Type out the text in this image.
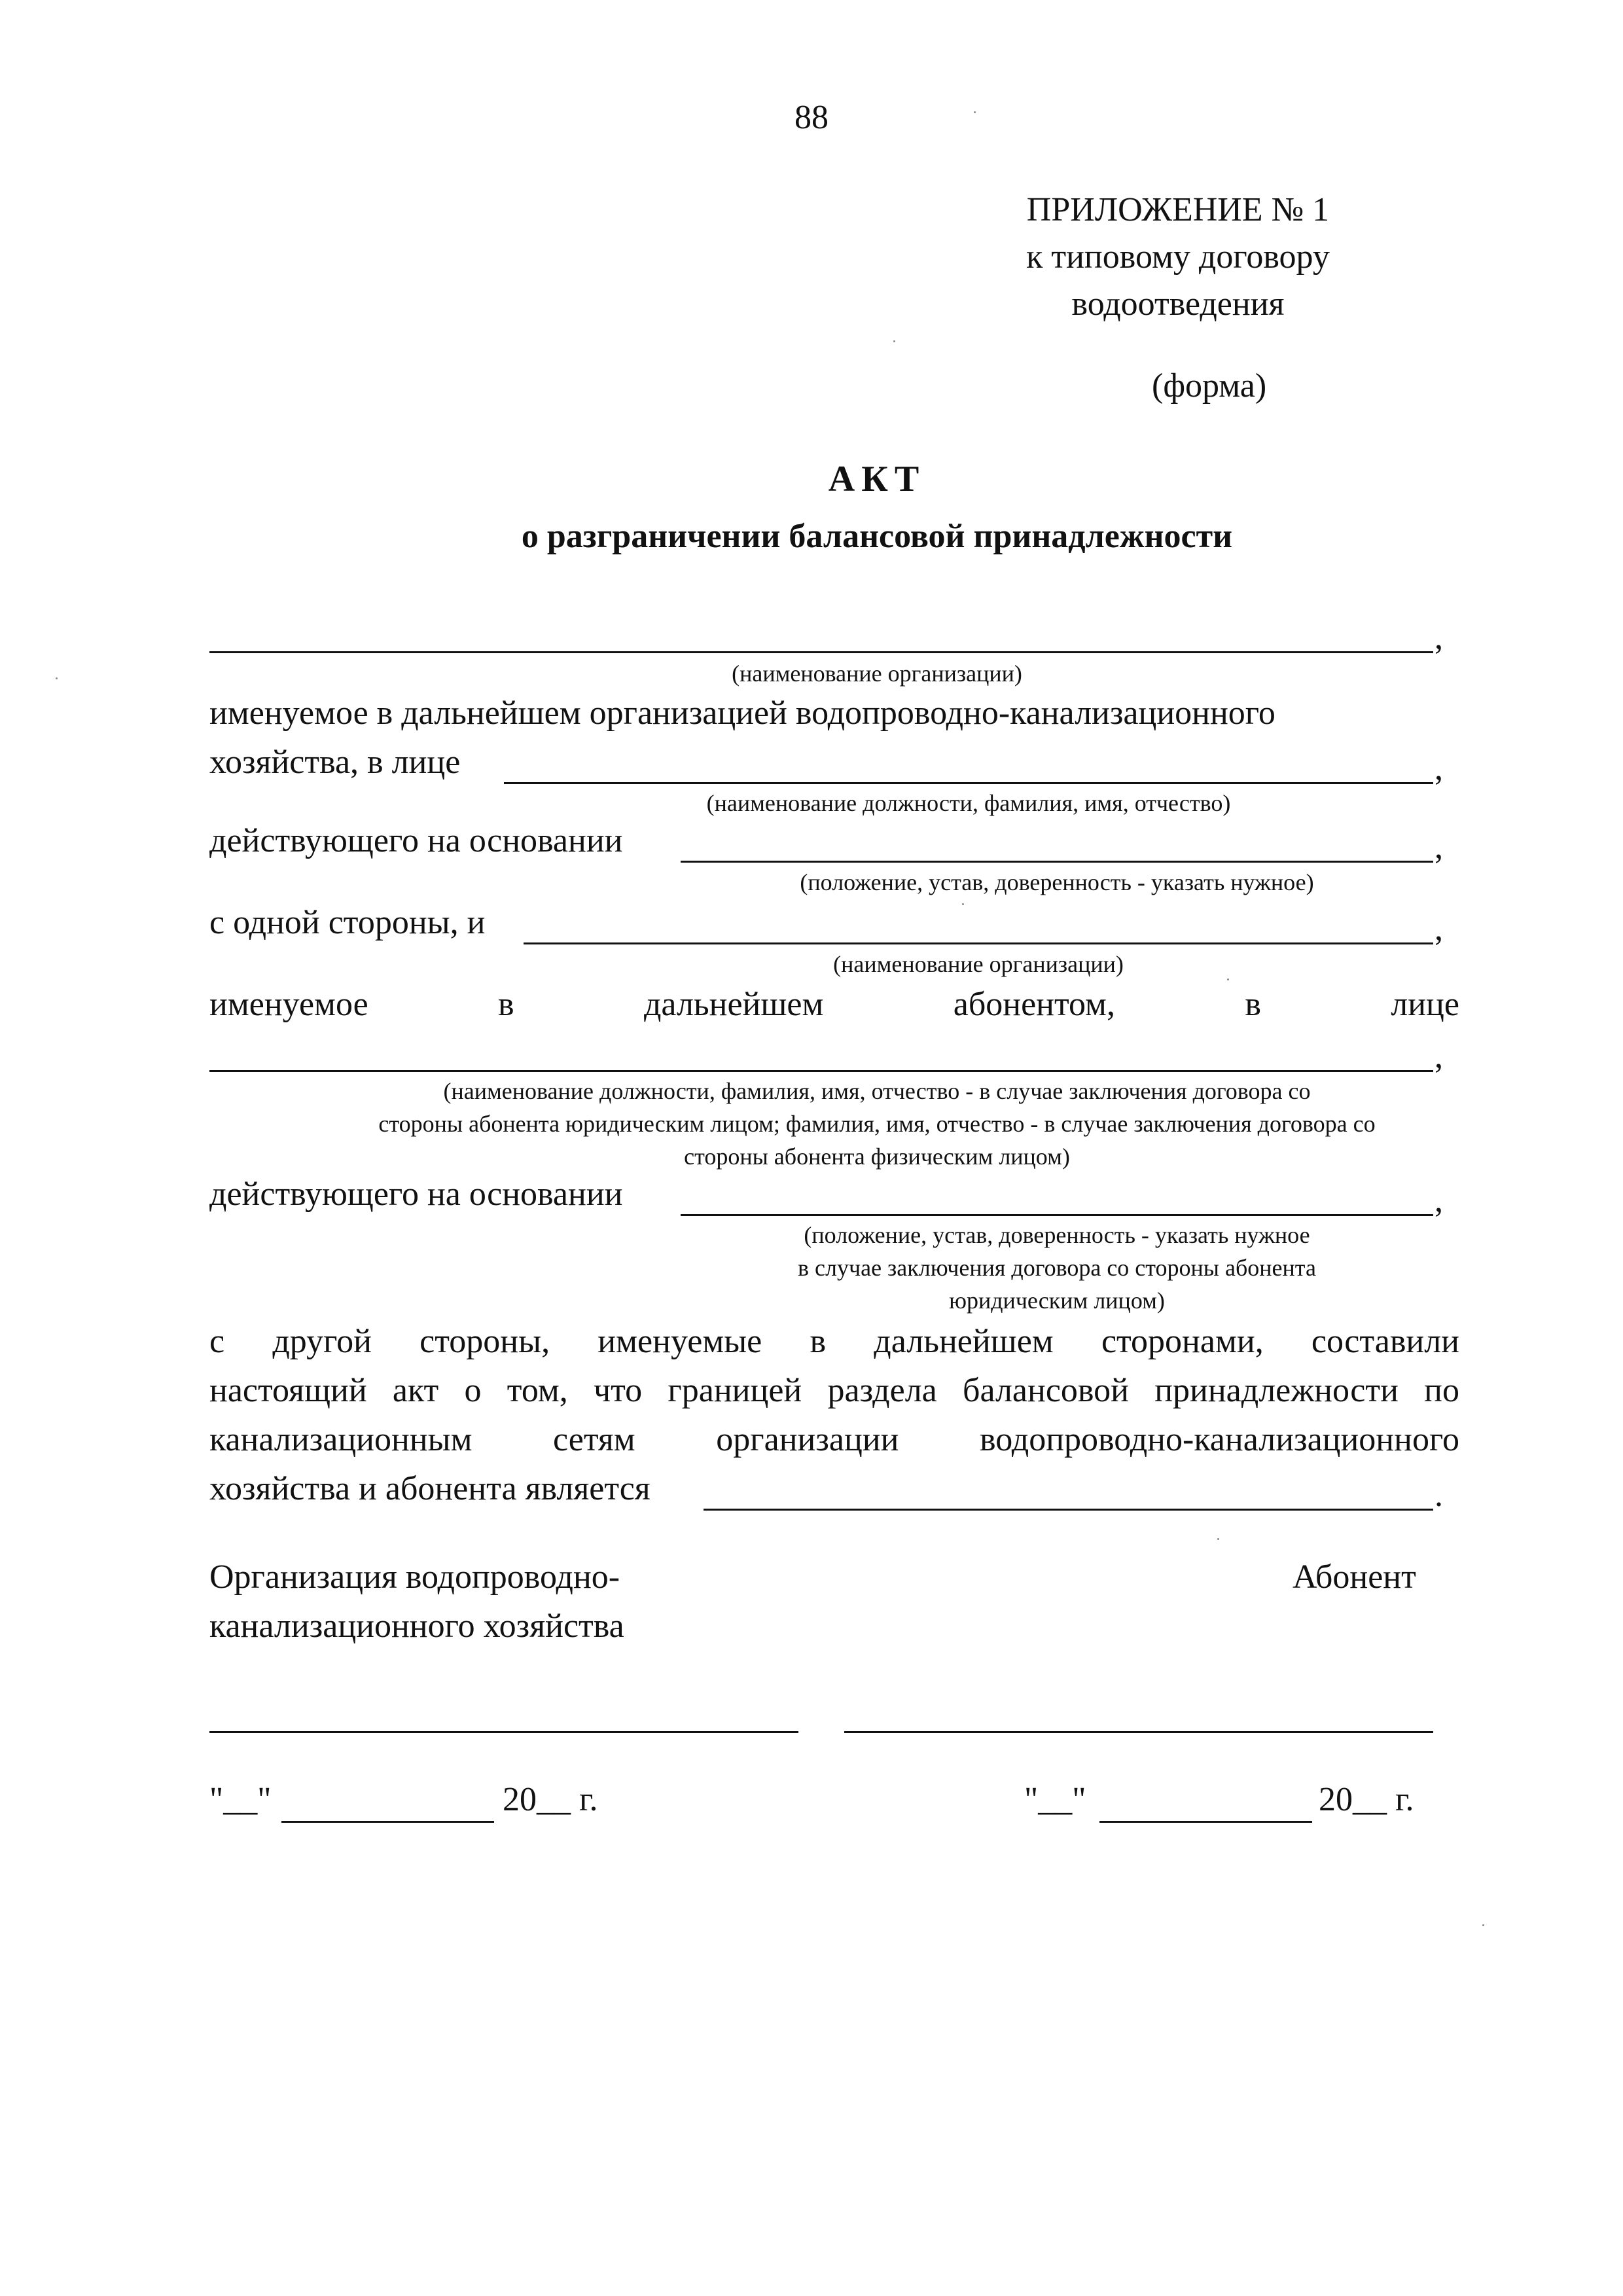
88
ПРИЛОЖЕНИЕ № 1
к типовому договору
водоотведения
(форма)
АКТ
о разграничении балансовой принадлежности
,
(наименование организации)
именуемое в дальнейшем организацией водопроводно-канализационного
хозяйства, в лице	,
(наименование должности, фамилия, имя, отчество)
действующего на основании	,
(положение, устав, доверенность - указать нужное)
с одной стороны, и	,
(наименование организации)
именуемое	в	дальнейшем	абонентом,	в	лице
,
(наименование должности, фамилия, имя, отчество - в случае заключения договора со
стороны абонента юридическим лицом; фамилия, имя, отчество - в случае заключения договора со
стороны абонента физическим лицом)
действующего на основании	,
(положение, устав, доверенность - указать нужное
в случае заключения договора со стороны абонента
юридическим лицом)
с другой стороны, именуемые в дальнейшем сторонами, составили
настоящий акт о том, что границей раздела балансовой принадлежности по
канализационным сетям организации водопроводно-канализационного
хозяйства и абонента является	.
Организация водопроводно-
канализационного хозяйства
Абонент
"__"	20__ г.	"__"	20__ г.
